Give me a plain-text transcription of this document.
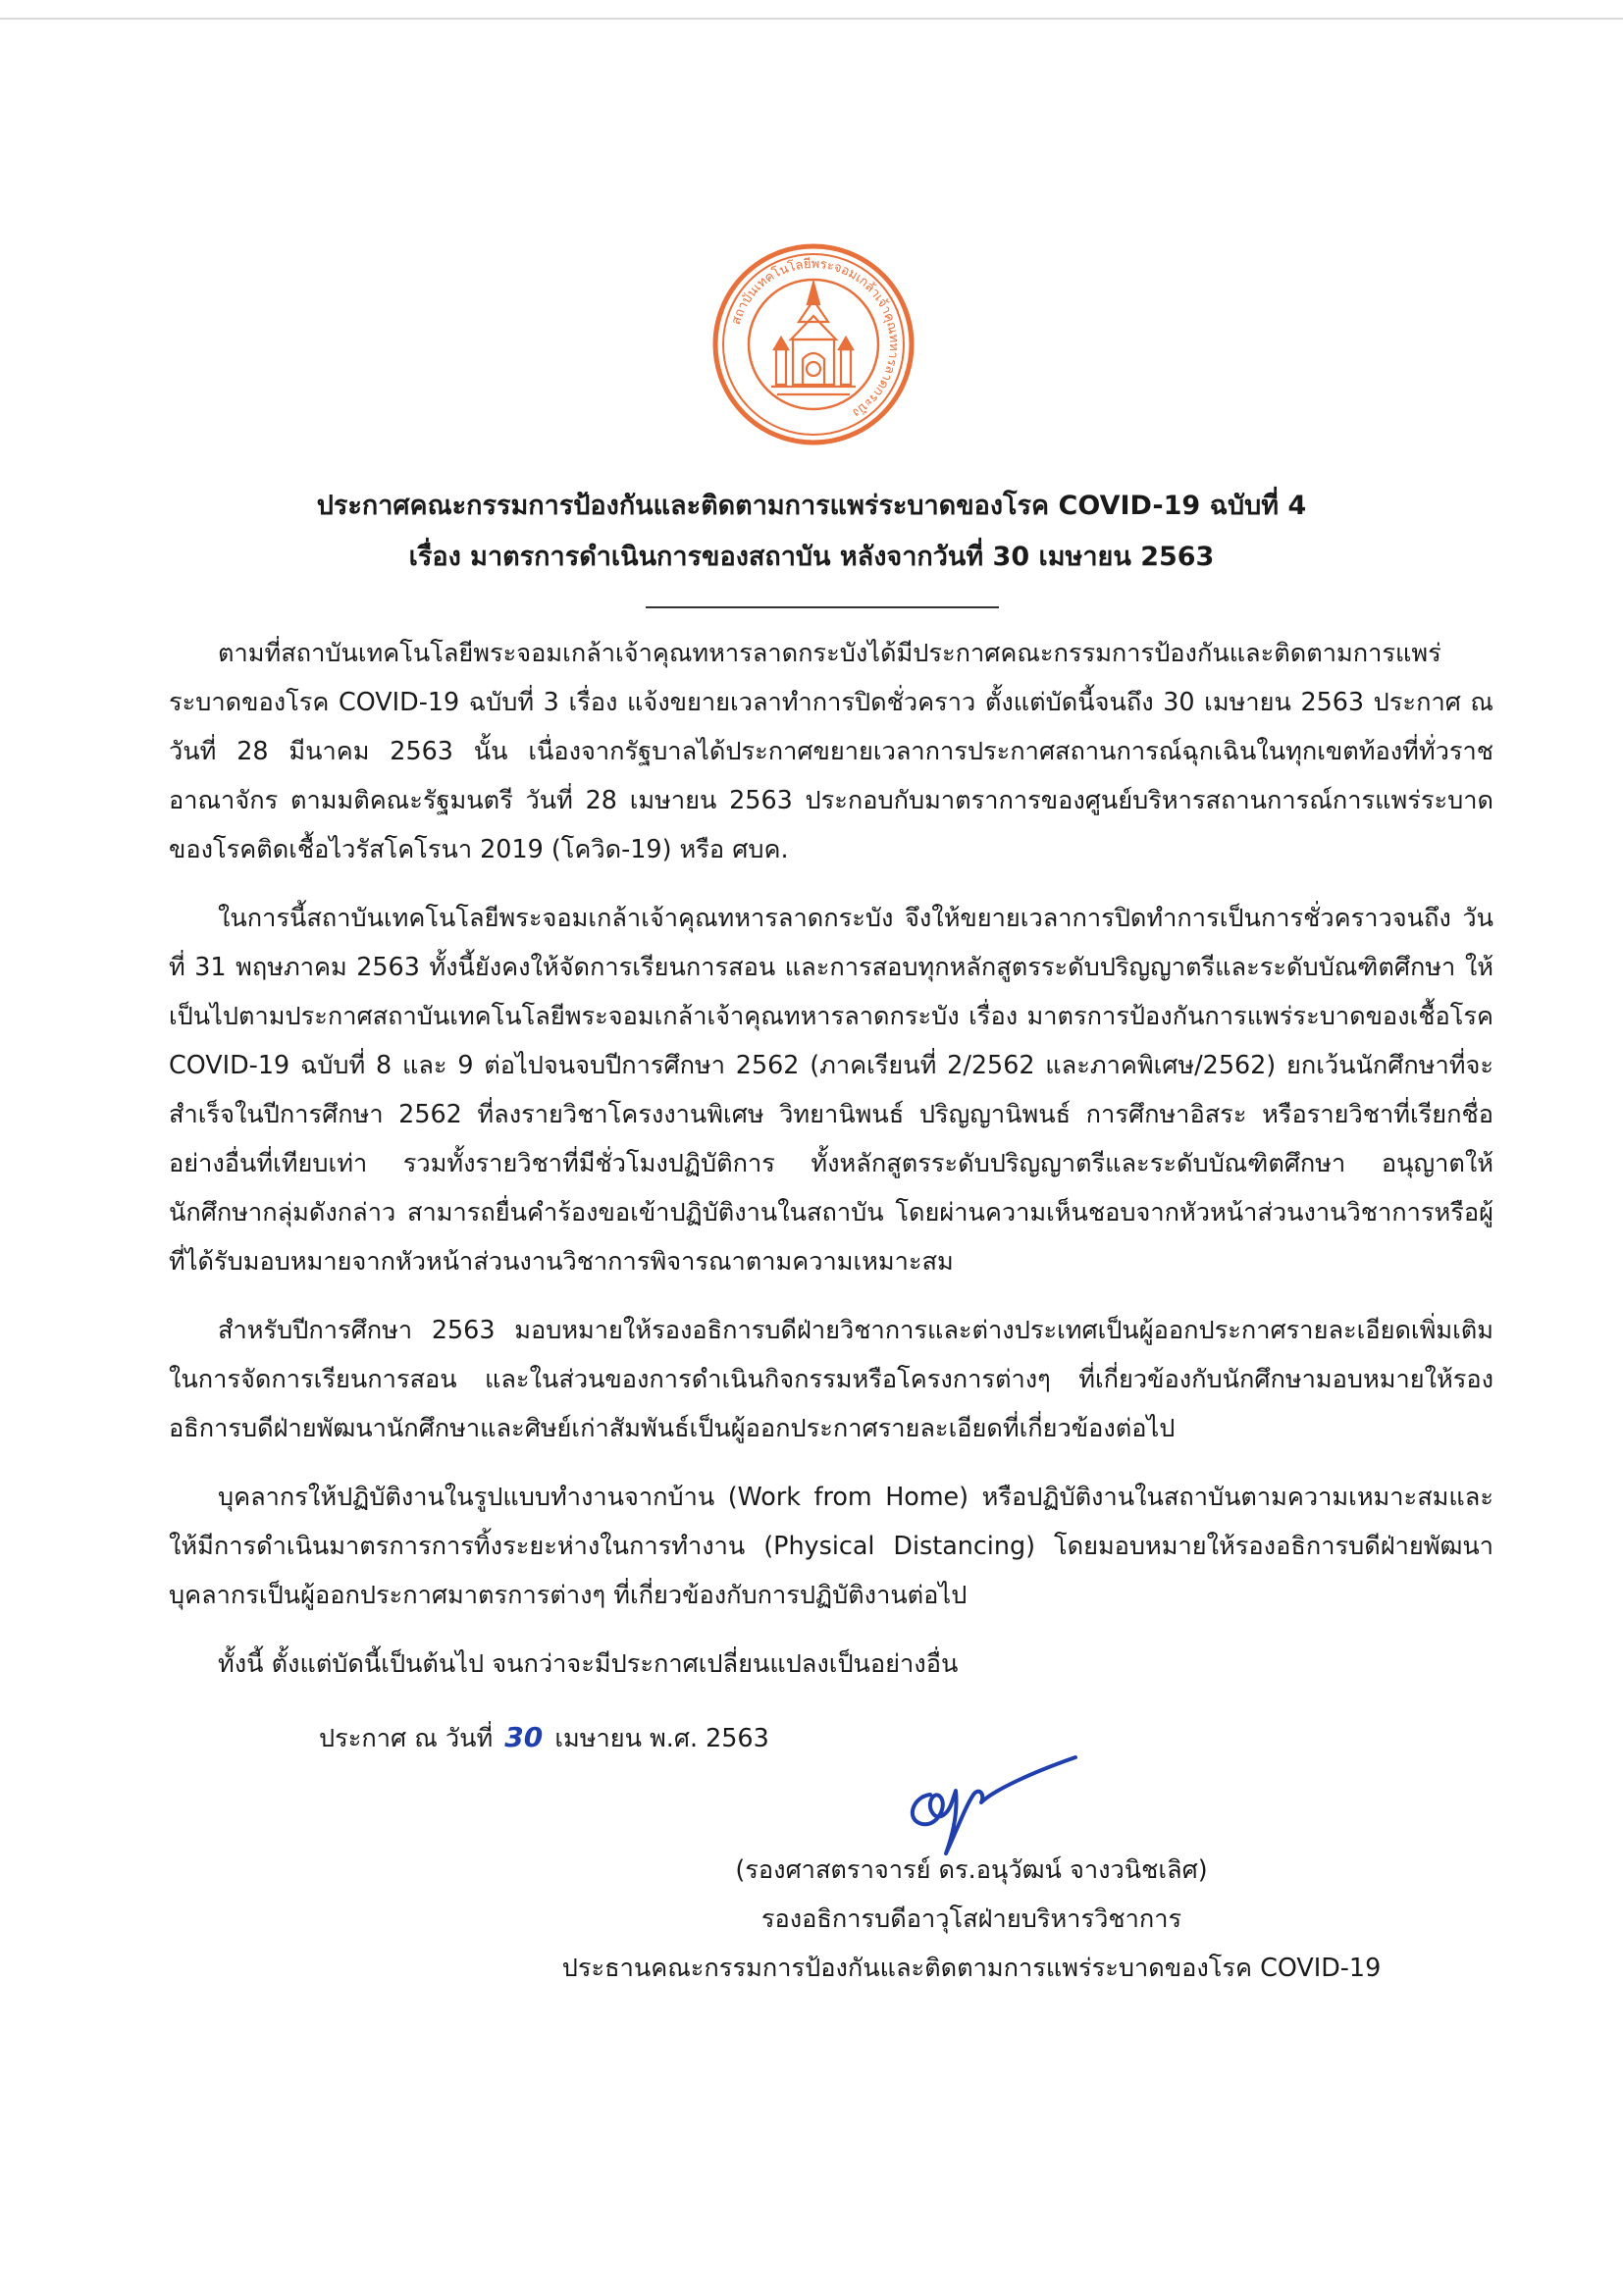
สถาบันเทคโนโลยีพระจอมเกล้าเจ้าคุณทหารลาดกระบัง
ประกาศคณะกรรมการป้องกันและติดตามการแพร่ระบาดของโรค COVID-19 ฉบับที่ 4
เรื่อง มาตรการดำเนินการของสถาบัน หลังจากวันที่ 30 เมษายน 2563

ตามที่สถาบันเทคโนโลยีพระจอมเกล้าเจ้าคุณทหารลาดกระบังได้มีประกาศคณะกรรมการป้องกันและติดตามการแพร่ระบาดของโรค COVID-19 ฉบับที่ 3 เรื่อง แจ้งขยายเวลาทำการปิดชั่วคราว ตั้งแต่บัดนี้จนถึง 30 เมษายน 2563 ประกาศ ณ วันที่ 28 มีนาคม 2563 นั้น เนื่องจากรัฐบาลได้ประกาศขยายเวลาการประกาศสถานการณ์ฉุกเฉินในทุกเขตท้องที่ทั่วราชอาณาจักร ตามมติคณะรัฐมนตรี วันที่ 28 เมษายน 2563 ประกอบกับมาตราการของศูนย์บริหารสถานการณ์การแพร่ระบาดของโรคติดเชื้อไวรัสโคโรนา 2019 (โควิด-19) หรือ ศบค.

ในการนี้สถาบันเทคโนโลยีพระจอมเกล้าเจ้าคุณทหารลาดกระบัง จึงให้ขยายเวลาการปิดทำการเป็นการชั่วคราวจนถึง วันที่ 31 พฤษภาคม 2563 ทั้งนี้ยังคงให้จัดการเรียนการสอน และการสอบทุกหลักสูตรระดับปริญญาตรีและระดับบัณฑิตศึกษา ให้เป็นไปตามประกาศสถาบันเทคโนโลยีพระจอมเกล้าเจ้าคุณทหารลาดกระบัง เรื่อง มาตรการป้องกันการแพร่ระบาดของเชื้อโรค COVID-19 ฉบับที่ 8 และ 9 ต่อไปจนจบปีการศึกษา 2562 (ภาคเรียนที่ 2/2562 และภาคพิเศษ/2562) ยกเว้นนักศึกษาที่จะสำเร็จในปีการศึกษา 2562 ที่ลงรายวิชาโครงงานพิเศษ วิทยานิพนธ์ ปริญญานิพนธ์ การศึกษาอิสระ หรือรายวิชาที่เรียกชื่ออย่างอื่นที่เทียบเท่า รวมทั้งรายวิชาที่มีชั่วโมงปฏิบัติการ ทั้งหลักสูตรระดับปริญญาตรีและระดับบัณฑิตศึกษา อนุญาตให้นักศึกษากลุ่มดังกล่าว สามารถยื่นคำร้องขอเข้าปฏิบัติงานในสถาบัน โดยผ่านความเห็นชอบจากหัวหน้าส่วนงานวิชาการหรือผู้ที่ได้รับมอบหมายจากหัวหน้าส่วนงานวิชาการพิจารณาตามความเหมาะสม

สำหรับปีการศึกษา 2563 มอบหมายให้รองอธิการบดีฝ่ายวิชาการและต่างประเทศเป็นผู้ออกประกาศรายละเอียดเพิ่มเติมในการจัดการเรียนการสอน และในส่วนของการดำเนินกิจกรรมหรือโครงการต่างๆ ที่เกี่ยวข้องกับนักศึกษามอบหมายให้รองอธิการบดีฝ่ายพัฒนานักศึกษาและศิษย์เก่าสัมพันธ์เป็นผู้ออกประกาศรายละเอียดที่เกี่ยวข้องต่อไป

บุคลากรให้ปฏิบัติงานในรูปแบบทำงานจากบ้าน (Work from Home) หรือปฏิบัติงานในสถาบันตามความเหมาะสมและให้มีการดำเนินมาตรการการทิ้งระยะห่างในการทำงาน (Physical Distancing) โดยมอบหมายให้รองอธิการบดีฝ่ายพัฒนาบุคลากรเป็นผู้ออกประกาศมาตรการต่างๆ ที่เกี่ยวข้องกับการปฏิบัติงานต่อไป

ทั้งนี้ ตั้งแต่บัดนี้เป็นต้นไป จนกว่าจะมีประกาศเปลี่ยนแปลงเป็นอย่างอื่น

ประกาศ ณ วันที่ 30 เมษายน พ.ศ. 2563
(รองศาสตราจารย์ ดร.อนุวัฒน์ จางวนิชเลิศ)
รองอธิการบดีอาวุโสฝ่ายบริหารวิชาการ
ประธานคณะกรรมการป้องกันและติดตามการแพร่ระบาดของโรค COVID-19
